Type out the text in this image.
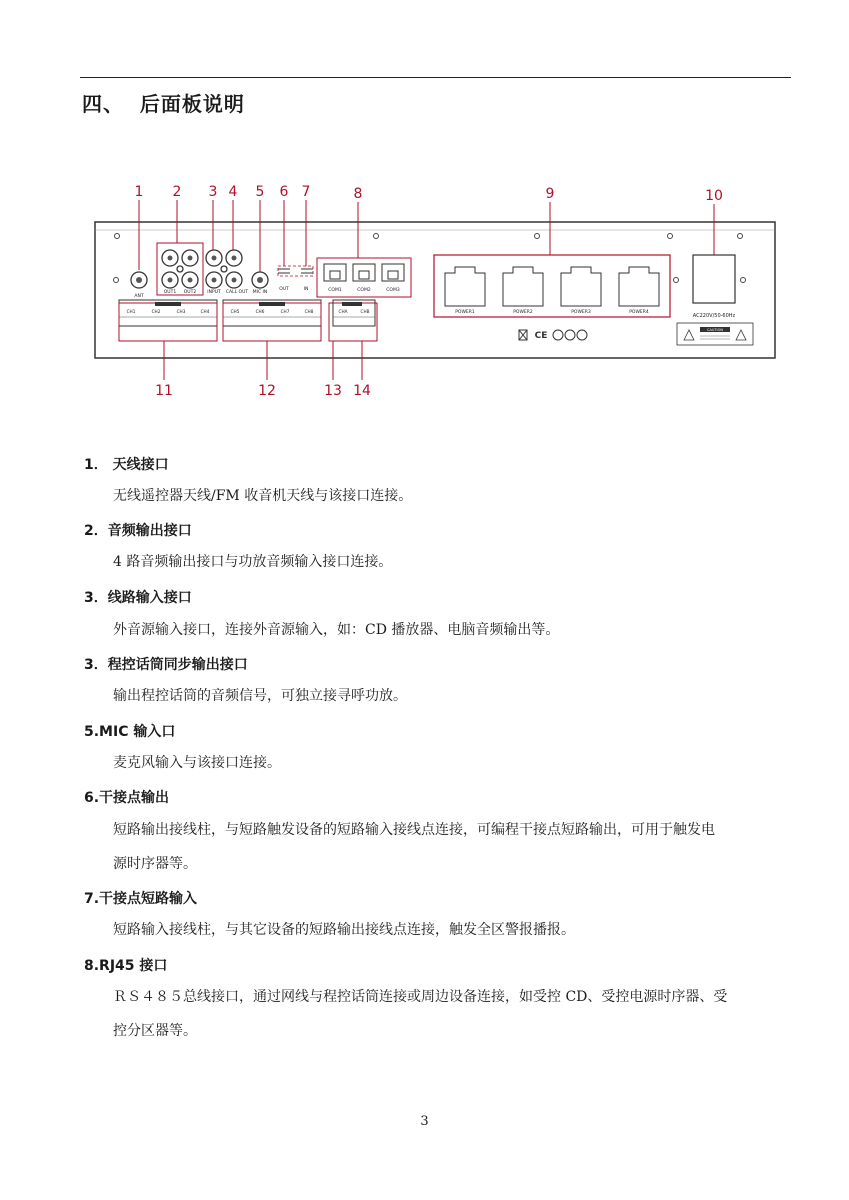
四、  后面板说明
ANT
OUT1 OUT2 INPUT CALL OUT MIC IN
OUT	IN	COM1	COM2	COM3
POWER1	POWER2	POWER3	POWER4
AC220V/50-60Hz
CAUTION
CE
CH1	CH2	CH3	CH4	CH5	CH6	CH7	CH8	CHA	CHB
1 2 3 4 5 6 7	8	9	10
11	12	13 14
1． 天线接口
无线遥控器天线/FM 收音机天线与该接口连接。
2．音频输出接口
4 路音频输出接口与功放音频输入接口连接。
3．线路输入接口
外音源输入接口，连接外音源输入，如：CD 播放器、电脑音频输出等。
3．程控话筒同步输出接口
输出程控话筒的音频信号，可独立接寻呼功放。
5.MIC 输入口
麦克风输入与该接口连接。
6.干接点输出
短路输出接线柱，与短路触发设备的短路输入接线点连接，可编程干接点短路输出，可用于触发电
源时序器等。
7.干接点短路输入
短路输入接线柱，与其它设备的短路输出接线点连接，触发全区警报播报。
8.RJ45 接口
ＲＳ４８５总线接口，通过网线与程控话筒连接或周边设备连接，如受控 CD、受控电源时序器、受
控分区器等。
3
